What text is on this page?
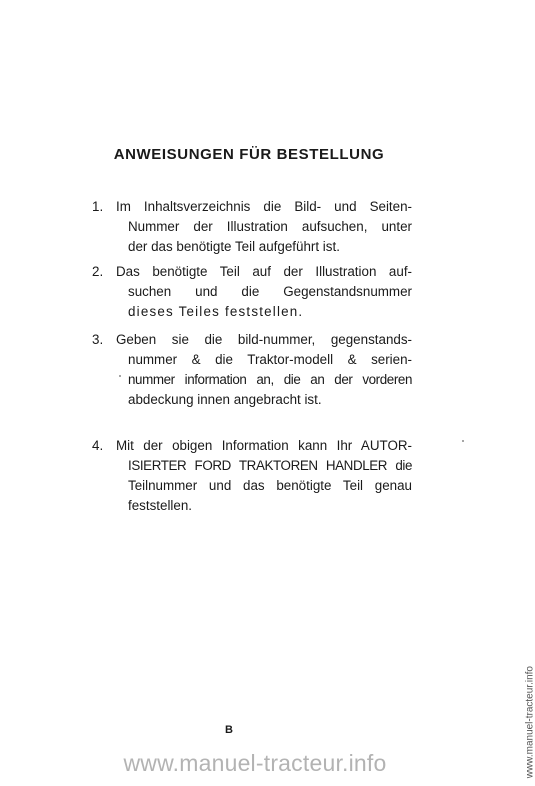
ANWEISUNGEN FÜR BESTELLUNG
1. Im Inhaltsverzeichnis die Bild- und Seiten-
Nummer der Illustration aufsuchen, unter
der das benötigte Teil aufgeführt ist.
2. Das benötigte Teil auf der Illustration auf-
suchen und die Gegenstandsnummer
dieses Teiles feststellen.
3. Geben sie die bild-nummer, gegenstands-
nummer & die Traktor-modell & serien-
nummer information an, die an der vorderen
abdeckung innen angebracht ist.
4. Mit der obigen Information kann Ihr AUTOR-
ISIERTER FORD TRAKTOREN HANDLER die
Teilnummer und das benötigte Teil genau
feststellen.
B
www.manuel-tracteur.info	www.manuel-tracteur.info
